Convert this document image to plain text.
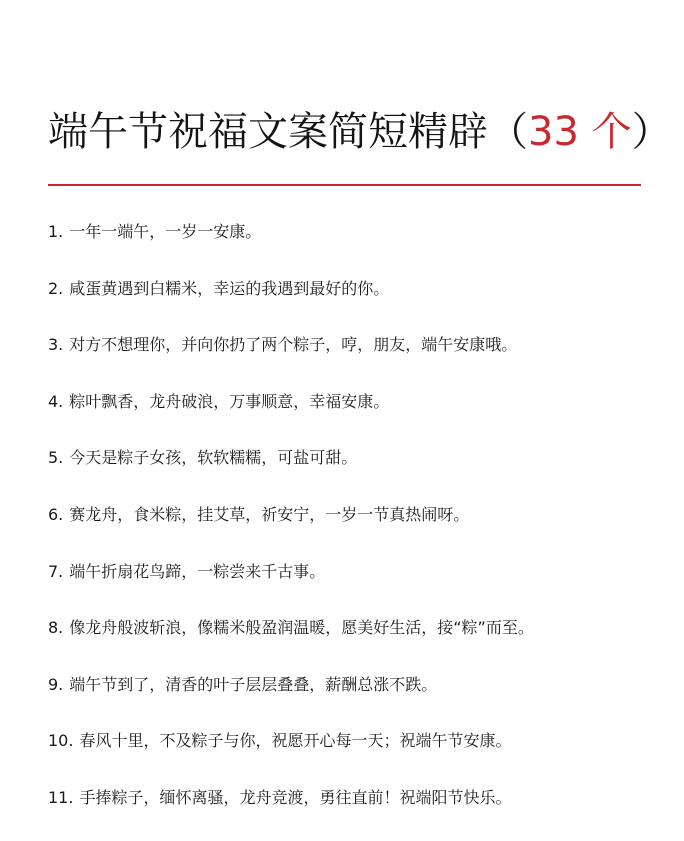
端午节祝福文案简短精辟（33 个）
1. 一年一端午，一岁一安康。
2. 咸蛋黄遇到白糯米，幸运的我遇到最好的你。
3. 对方不想理你，并向你扔了两个粽子，哼，朋友，端午安康哦。
4. 粽叶飘香，龙舟破浪，万事顺意，幸福安康。
5. 今天是粽子女孩，软软糯糯，可盐可甜。
6. 赛龙舟，食米粽，挂艾草，祈安宁，一岁一节真热闹呀。
7. 端午折扇花鸟蹄，一粽尝来千古事。
8. 像龙舟般波斩浪，像糯米般盈润温暖，愿美好生活，接“粽”而至。
9. 端午节到了，清香的叶子层层叠叠，薪酬总涨不跌。
10. 春风十里，不及粽子与你，祝愿开心每一天；祝端午节安康。
11. 手捧粽子，缅怀离骚，龙舟竞渡，勇往直前！祝端阳节快乐。
